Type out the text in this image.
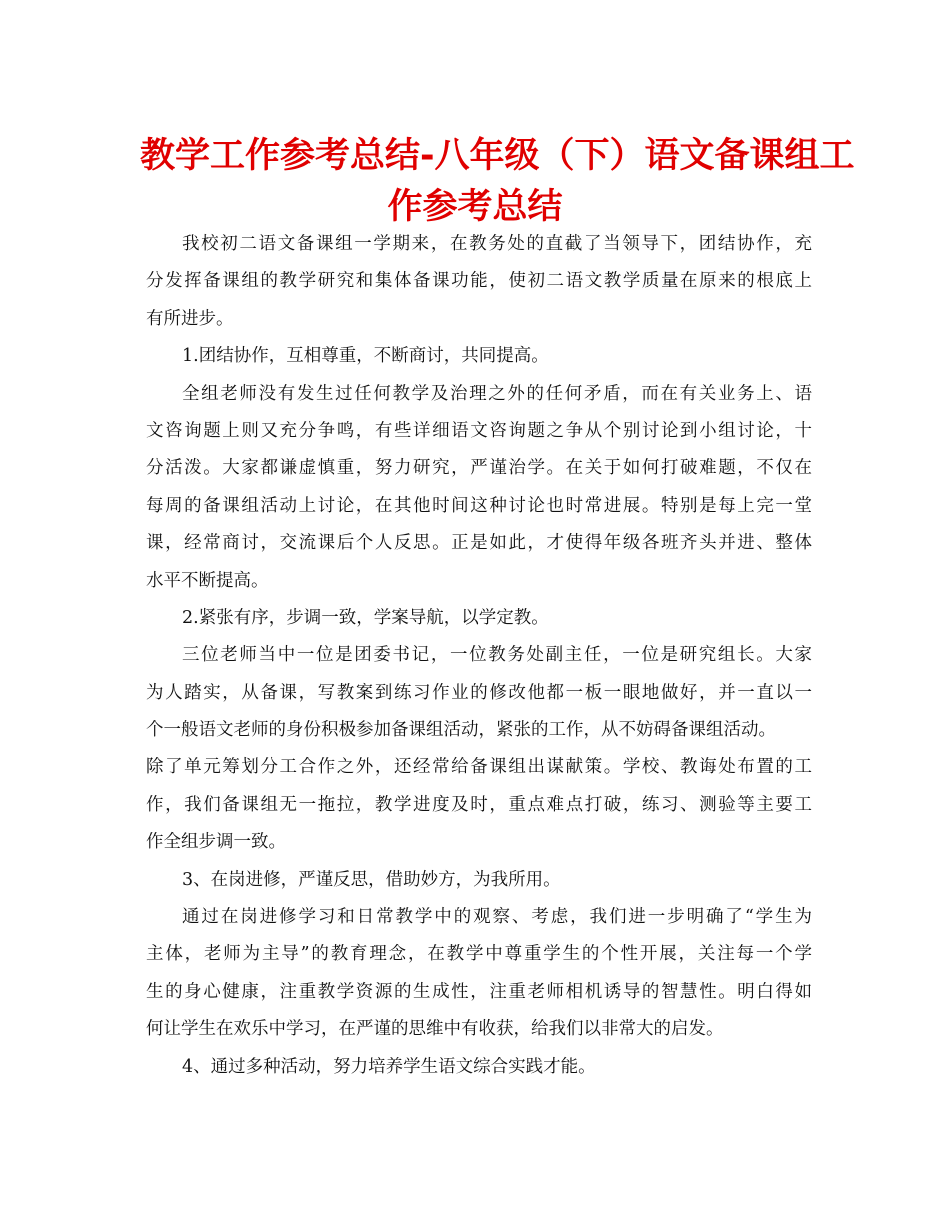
教学工作参考总结-八年级（下）语文备课组工
作参考总结
我校初二语文备课组一学期来，在教务处的直截了当领导下，团结协作，充
分发挥备课组的教学研究和集体备课功能，使初二语文教学质量在原来的根底上
有所进步。
1.团结协作，互相尊重，不断商讨，共同提高。
全组老师没有发生过任何教学及治理之外的任何矛盾，而在有关业务上、语
文咨询题上则又充分争鸣，有些详细语文咨询题之争从个别讨论到小组讨论，十
分活泼。大家都谦虚慎重，努力研究，严谨治学。在关于如何打破难题，不仅在
每周的备课组活动上讨论，在其他时间这种讨论也时常进展。特别是每上完一堂
课，经常商讨，交流课后个人反思。正是如此，才使得年级各班齐头并进、整体
水平不断提高。
2.紧张有序，步调一致，学案导航，以学定教。
三位老师当中一位是团委书记，一位教务处副主任，一位是研究组长。大家
为人踏实，从备课，写教案到练习作业的修改他都一板一眼地做好，并一直以一
个一般语文老师的身份积极参加备课组活动，紧张的工作，从不妨碍备课组活动。
除了单元筹划分工合作之外，还经常给备课组出谋献策。学校、教诲处布置的工
作，我们备课组无一拖拉，教学进度及时，重点难点打破，练习、测验等主要工
作全组步调一致。
3、在岗进修，严谨反思，借助妙方，为我所用。
通过在岗进修学习和日常教学中的观察、考虑，我们进一步明确了“学生为
主体，老师为主导”的教育理念，在教学中尊重学生的个性开展，关注每一个学
生的身心健康，注重教学资源的生成性，注重老师相机诱导的智慧性。明白得如
何让学生在欢乐中学习，在严谨的思维中有收获，给我们以非常大的启发。
4、通过多种活动，努力培养学生语文综合实践才能。
